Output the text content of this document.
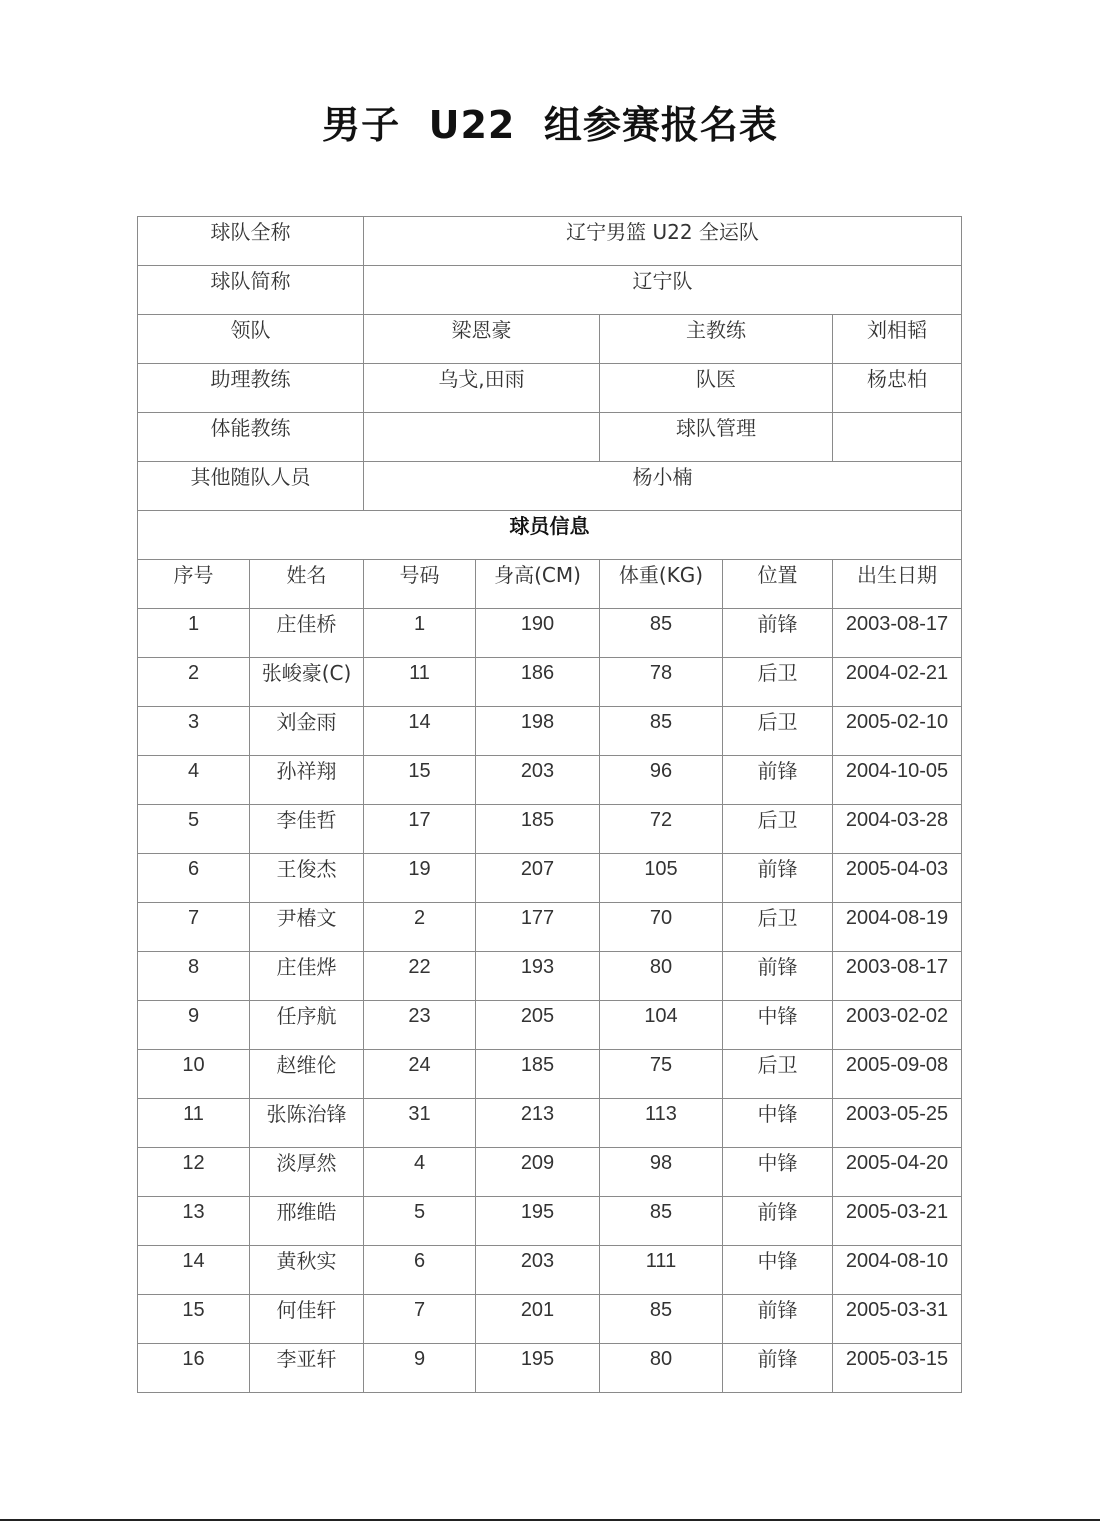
男子  U22  组参赛报名表
球队全称		辽宁男篮 U22 全运队				

球队简称		辽宁队				

领队		梁恩豪		主教练		刘相韬

助理教练		乌戈,田雨		队医		杨忠柏

体能教练				球队管理		

其他随队人员		杨小楠				

球员信息						

序号	姓名	号码	身高(CM)	体重(KG)	位置	出生日期

1	庄佳桥	1	190	85	前锋	2003-08-17

2	张峻豪(C)	11	186	78	后卫	2004-02-21

3	刘金雨	14	198	85	后卫	2005-02-10

4	孙祥翔	15	203	96	前锋	2004-10-05

5	李佳哲	17	185	72	后卫	2004-03-28

6	王俊杰	19	207	105	前锋	2005-04-03

7	尹椿文	2	177	70	后卫	2004-08-19

8	庄佳烨	22	193	80	前锋	2003-08-17

9	任序航	23	205	104	中锋	2003-02-02

10	赵维伦	24	185	75	后卫	2005-09-08

11	张陈治锋	31	213	113	中锋	2003-05-25

12	淡厚然	4	209	98	中锋	2005-04-20

13	邢维皓	5	195	85	前锋	2005-03-21

14	黄秋实	6	203	111	中锋	2004-08-10

15	何佳轩	7	201	85	前锋	2005-03-31

16	李亚轩	9	195	80	前锋	2005-03-15
